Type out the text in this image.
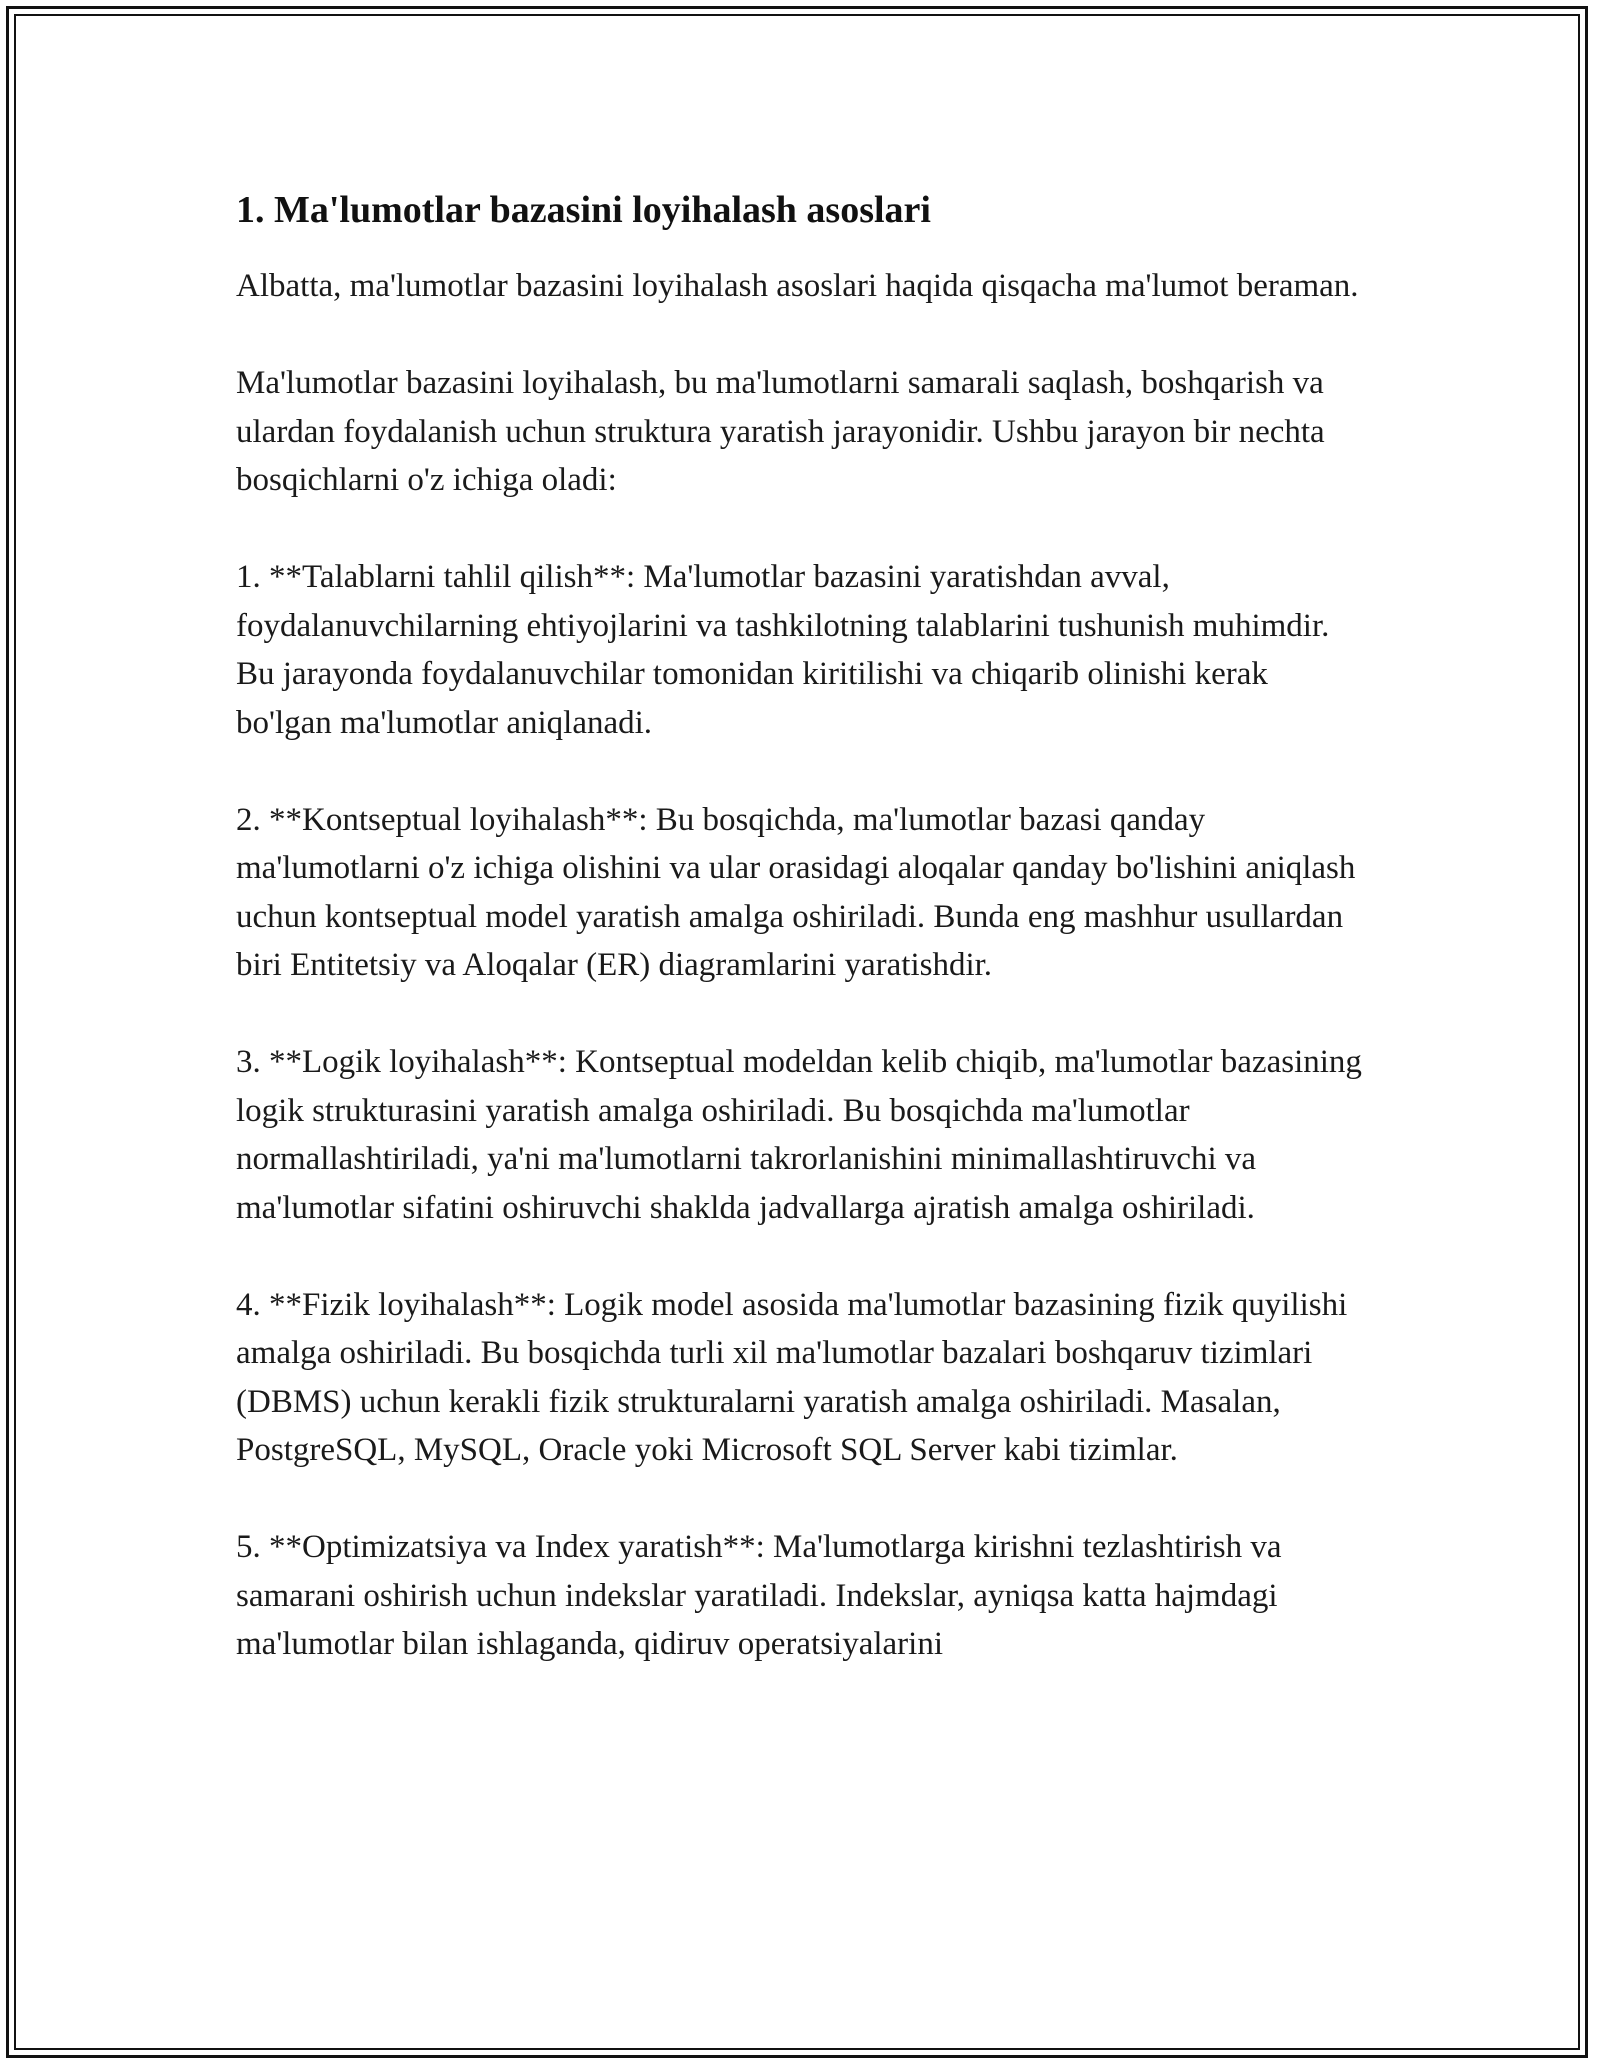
1. Ma'lumotlar bazasini loyihalash asoslari

Albatta, ma'lumotlar bazasini loyihalash asoslari haqida qisqacha ma'lumot beraman.

Ma'lumotlar bazasini loyihalash, bu ma'lumotlarni samarali saqlash, boshqarish va ulardan foydalanish uchun struktura yaratish jarayonidir. Ushbu jarayon bir nechta bosqichlarni o'z ichiga oladi:

1. **Talablarni tahlil qilish**: Ma'lumotlar bazasini yaratishdan avval, foydalanuvchilarning ehtiyojlarini va tashkilotning talablarini tushunish muhimdir. Bu jarayonda foydalanuvchilar tomonidan kiritilishi va chiqarib olinishi kerak bo'lgan ma'lumotlar aniqlanadi.

2. **Kontseptual loyihalash**: Bu bosqichda, ma'lumotlar bazasi qanday ma'lumotlarni o'z ichiga olishini va ular orasidagi aloqalar qanday bo'lishini aniqlash uchun kontseptual model yaratish amalga oshiriladi. Bunda eng mashhur usullardan biri Entitetsiy va Aloqalar (ER) diagramlarini yaratishdir.

3. **Logik loyihalash**: Kontseptual modeldan kelib chiqib, ma'lumotlar bazasining logik strukturasini yaratish amalga oshiriladi. Bu bosqichda ma'lumotlar normallashtiriladi, ya'ni ma'lumotlarni takrorlanishini minimallashtiruvchi va ma'lumotlar sifatini oshiruvchi shaklda jadvallarga ajratish amalga oshiriladi.

4. **Fizik loyihalash**: Logik model asosida ma'lumotlar bazasining fizik quyilishi amalga oshiriladi. Bu bosqichda turli xil ma'lumotlar bazalari boshqaruv tizimlari (DBMS) uchun kerakli fizik strukturalarni yaratish amalga oshiriladi. Masalan, PostgreSQL, MySQL, Oracle yoki Microsoft SQL Server kabi tizimlar.

5. **Optimizatsiya va Index yaratish**: Ma'lumotlarga kirishni tezlashtirish va samarani oshirish uchun indekslar yaratiladi. Indekslar, ayniqsa katta hajmdagi ma'lumotlar bilan ishlaganda, qidiruv operatsiyalarini
